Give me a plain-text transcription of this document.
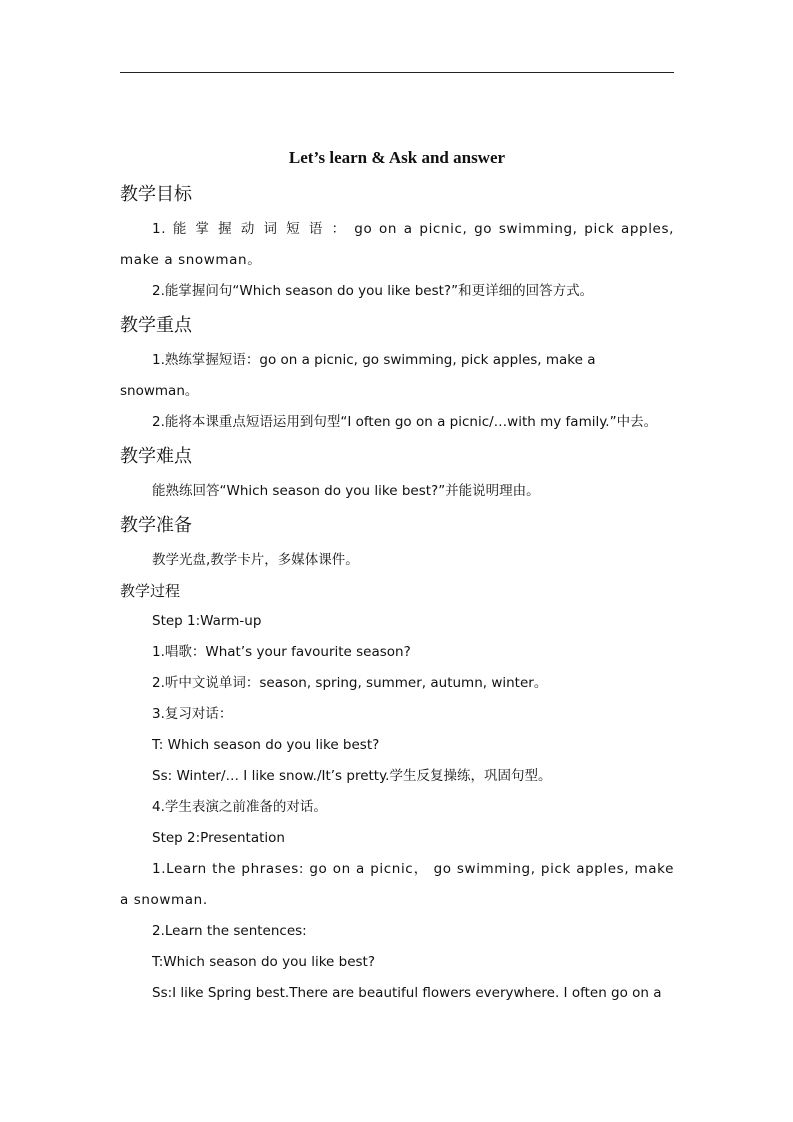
Let’s learn & Ask and answer
教学目标

1. 能 掌 握 动 词 短 语 ： go on a picnic, go swimming, pick apples, make a snowman。

2.能掌握问句“Which season do you like best?”和更详细的回答方式。

教学重点

1.熟练掌握短语：go on a picnic, go swimming, pick apples, make a snowman。

2.能将本课重点短语运用到句型“I often go on a picnic/…with my family.”中去。

教学难点

能熟练回答“Which season do you like best?”并能说明理由。

教学准备

教学光盘,教学卡片，多媒体课件。

教学过程

Step 1:Warm-up

1.唱歌：What’s your favourite season?

2.听中文说单词：season, spring, summer, autumn, winter。

3.复习对话：

T: Which season do you like best?

Ss: Winter/… I like snow./It’s pretty.学生反复操练，巩固句型。

4.学生表演之前准备的对话。

Step 2:Presentation

1.Learn the phrases: go on a picnic， go swimming, pick apples, make a snowman.

2.Learn the sentences:

T:Which season do you like best?

Ss:I like Spring best.There are beautiful flowers everywhere. I often go on a
